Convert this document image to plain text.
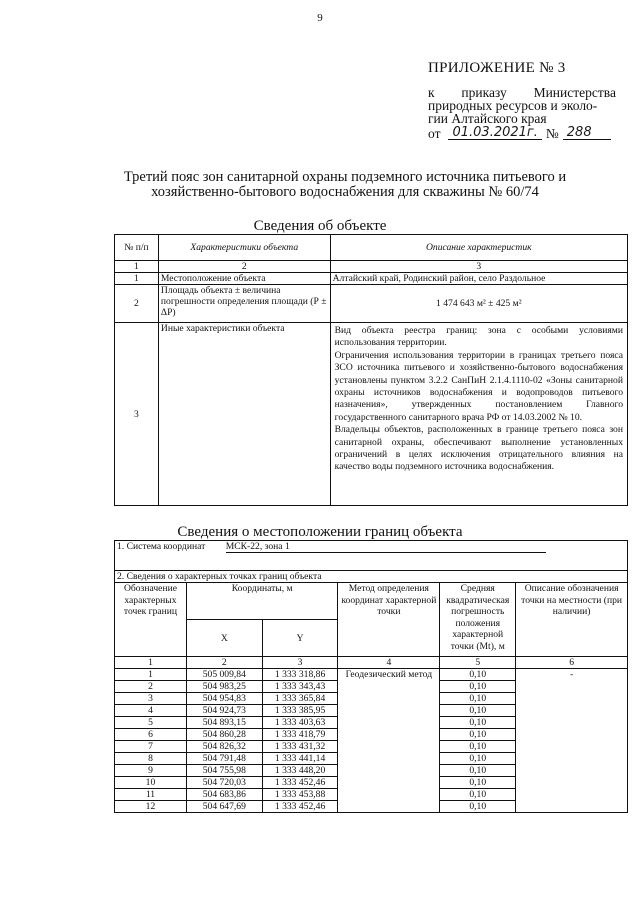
9
ПРИЛОЖЕНИЕ № 3
к приказу Министерства
природных ресурсов и эколо-
гии Алтайского края
от 01.03.2021г. № 288
Третий пояс зон санитарной охраны подземного источника питьевого и хозяйственно-бытового водоснабжения для скважины № 60/74
Сведения об объекте
№ п/п	Характеристики объекта	Описание характеристик
1	2	3
1	Местоположение объекта	Алтайский край, Родинский район, село Раздольное
2	Площадь объекта ± величина погрешности определения площади (Р ± ΔР)	1 474 643 м² ± 425 м²
3	Иные характеристики объекта	Вид объекта реестра границ: зона с особыми условиями использования территории.
Ограничения использования территории в границах третьего пояса ЗСО источника питьевого и хозяйственно-бытового водоснабжения установлены пунктом 3.2.2 СанПиН 2.1.4.1110-02 «Зоны санитарной охраны источников водоснабжения и водопроводов питьевого назначения», утвержденных постановлением Главного государственного санитарного врача РФ от 14.03.2002 № 10.
Владельцы объектов, расположенных в границе третьего пояса зон санитарной охраны, обеспечивают выполнение установленных ограничений в целях исключения отрицательного влияния на качество воды подземного источника водоснабжения.
Сведения о местоположении границ объекта
1. Система координат МСК-22, зона 1					
2. Сведения о характерных точках границ объекта					
Обозначение характерных точек границ	Координаты, м		Метод определения координат характерной точки	Средняя квадратическая погрешность положения характерной точки (Mt), м	Описание обозначения точки на местности (при наличии)
	X	Y			
1	2	3	4	5	6
1	505 009,84	1 333 318,86	Геодезический метод	0,10	-
2	504 983,25	1 333 343,43		0,10	
3	504 954,83	1 333 365,84		0,10	
4	504 924,73	1 333 385,95		0,10	
5	504 893,15	1 333 403,63		0,10	
6	504 860,28	1 333 418,79		0,10	
7	504 826,32	1 333 431,32		0,10	
8	504 791,48	1 333 441,14		0,10	
9	504 755,98	1 333 448,20		0,10	
10	504 720,03	1 333 452,46		0,10	
11	504 683,86	1 333 453,88		0,10	
12	504 647,69	1 333 452,46		0,10	
